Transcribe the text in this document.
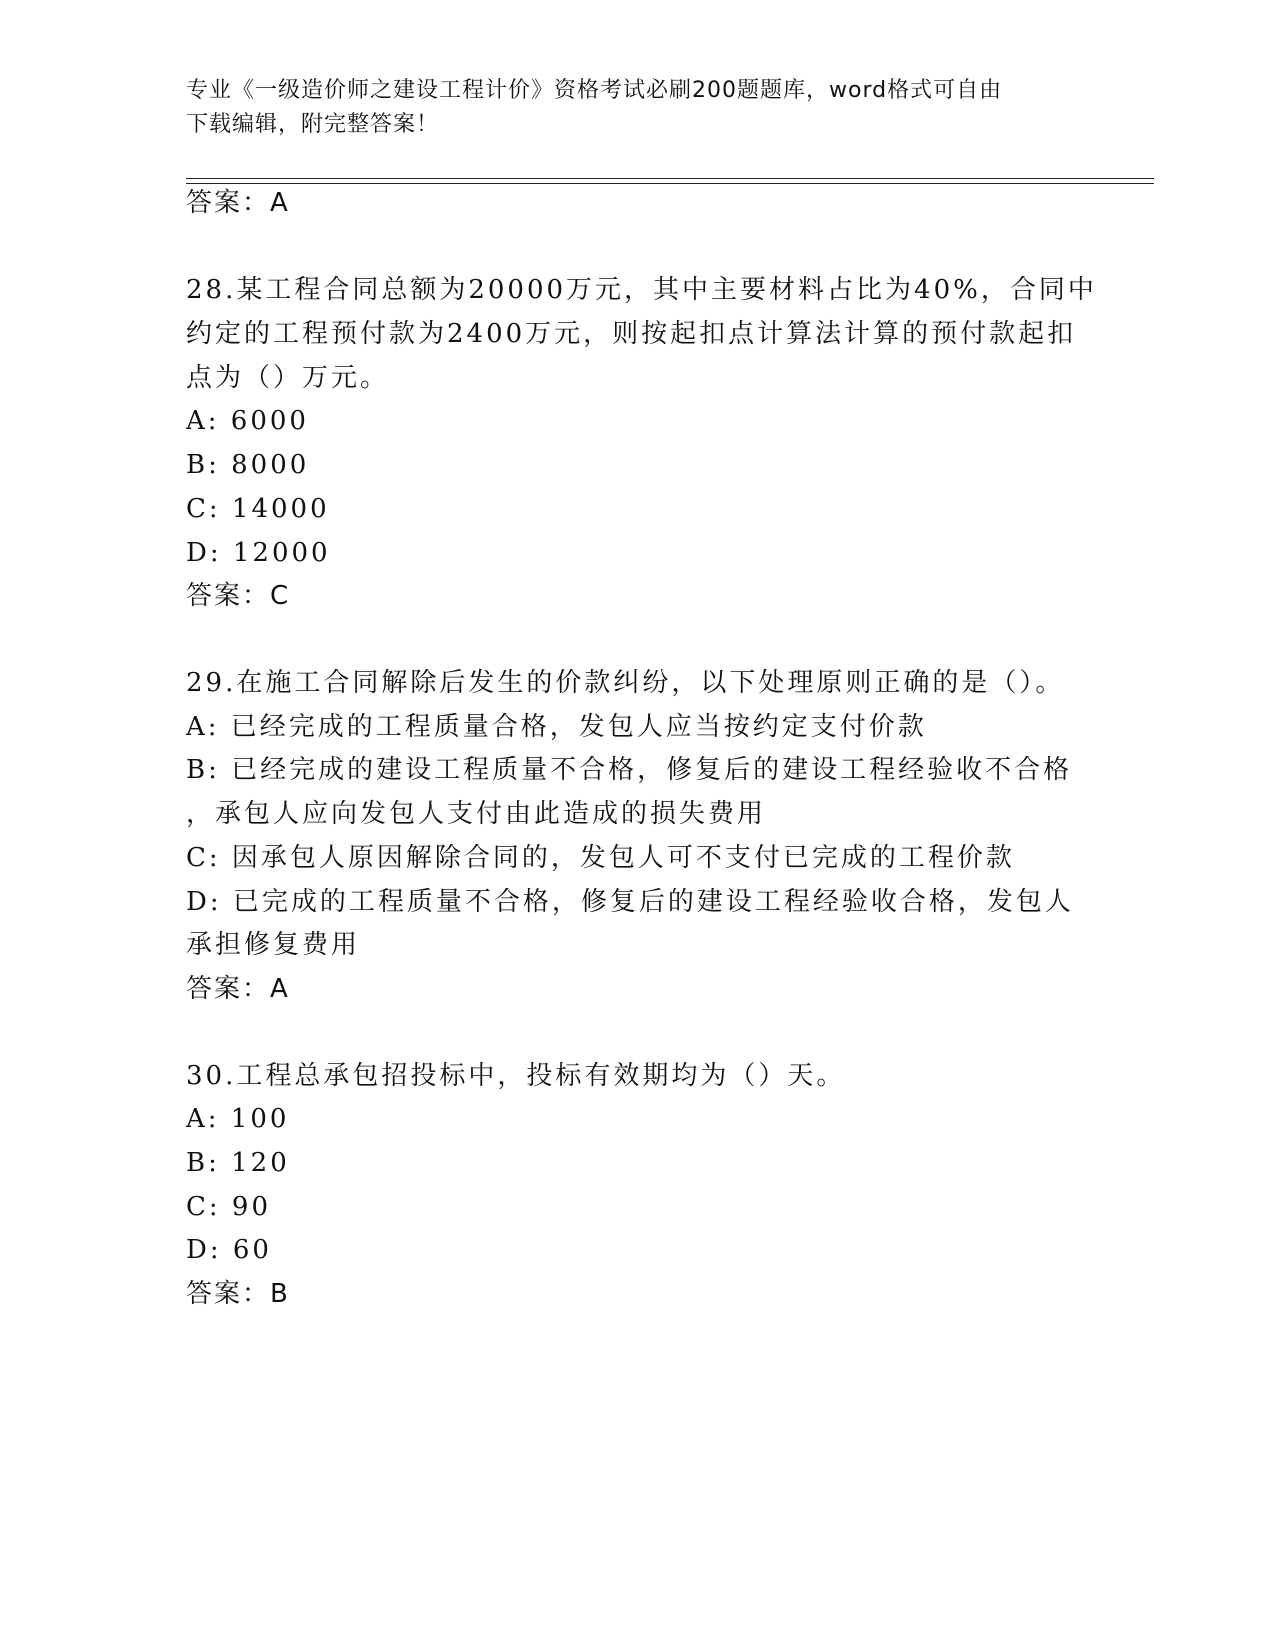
专业《一级造价师之建设工程计价》资格考试必刷200题题库，word格式可自由
下载编辑，附完整答案！
答案：A
28.某工程合同总额为20000万元，其中主要材料占比为40%，合同中
约定的工程预付款为2400万元，则按起扣点计算法计算的预付款起扣
点为（）万元。
A: 6000
B: 8000
C: 14000
D: 12000
答案：C
29.在施工合同解除后发生的价款纠纷，以下处理原则正确的是（）。
A: 已经完成的工程质量合格，发包人应当按约定支付价款
B: 已经完成的建设工程质量不合格，修复后的建设工程经验收不合格
，承包人应向发包人支付由此造成的损失费用
C: 因承包人原因解除合同的，发包人可不支付已完成的工程价款
D: 已完成的工程质量不合格，修复后的建设工程经验收合格，发包人
承担修复费用
答案：A
30.工程总承包招投标中，投标有效期均为（）天。
A: 100
B: 120
C: 90
D: 60
答案：B
